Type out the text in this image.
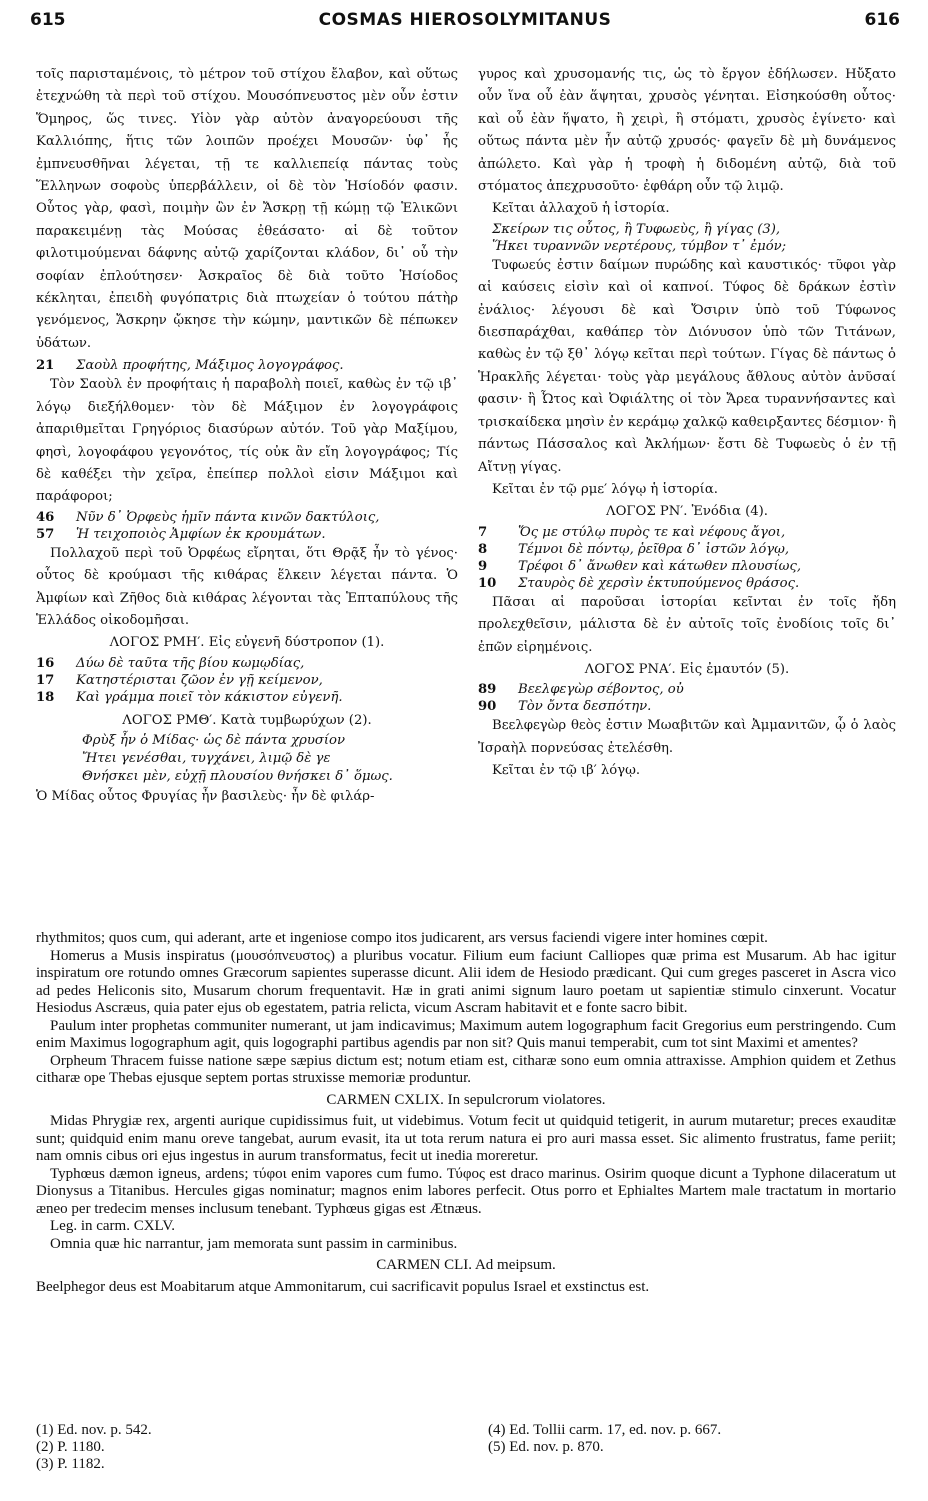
615	COSMAS HIEROSOLYMITANUS	616

τοῖς παρισταμένοις, τὸ μέτρον τοῦ στίχου ἔλαβον, καὶ οὕτως ἐτεχνώθη τὰ περὶ τοῦ στίχου. Μουσόπνευστος μὲν οὖν ἐστιν Ὅμηρος, ὥς τινες. Υἱὸν γὰρ αὐτὸν ἀναγορεύουσι τῆς Καλλιόπης, ἥτις τῶν λοιπῶν προέχει Μουσῶν· ὑφ᾽ ἧς ἐμπνευσθῆναι λέγεται, τῇ τε καλλιεπείᾳ πάντας τοὺς Ἕλληνων σοφοὺς ὑπερβάλλειν, οἱ δὲ τὸν Ἡσίοδόν φασιν. Οὗτος γὰρ, φασὶ, ποιμὴν ὢν ἐν Ἄσκρῃ τῇ κώμῃ τῷ Ἑλικῶνι παρακειμένῃ τὰς Μούσας ἐθεάσατο· αἱ δὲ τοῦτον φιλοτιμούμεναι δάφνης αὐτῷ χαρίζονται κλάδον, δι᾽ οὗ τὴν σοφίαν ἐπλούτησεν· Ἀσκραῖος δὲ διὰ τοῦτο Ἡσίοδος κέκληται, ἐπειδὴ φυγόπατρις διὰ πτωχείαν ὁ τούτου πάτὴρ γενόμενος, Ἄσκρην ᾤκησε τὴν κώμην, μαντικῶν δὲ πέπωκεν ὑδάτων.

21	Σαοὺλ προφήτης, Μάξιμος λογογράφος.

Τὸν Σαοὺλ ἐν προφήταις ἡ παραβολὴ ποιεῖ, καθὼς ἐν τῷ ιβ᾽ λόγῳ διεξήλθομεν· τὸν δὲ Μάξιμον ἐν λογογράφοις ἀπαριθμεῖται Γρηγόριος διασύρων αὐτόν. Τοῦ γὰρ Μαξίμου, φησὶ, λογοφάφου γεγονότος, τίς οὐκ ἂν εἴη λογογράφος; Τίς δὲ καθέξει τὴν χεῖρα, ἐπείπερ πολλοὶ εἰσιν Μάξιμοι καὶ παράφοροι;

46	Νῦν δ᾽ Ὀρφεὺς ἡμῖν πάντα κινῶν δακτύλοις,
57	Ἡ τειχοποιὸς Ἀμφίων ἐκ κρουμάτων.

Πολλαχοῦ περὶ τοῦ Ὀρφέως εἴρηται, ὅτι Θρᾷξ ἦν τὸ γένος· οὗτος δὲ κρούμασι τῆς κιθάρας ἕλκειν λέγεται πάντα. Ὁ Ἀμφίων καὶ Ζῆθος διὰ κιθάρας λέγονται τὰς Ἑπταπύλους τῆς Ἑλλάδος οἰκοδομῆσαι.

ΛΟΓΟΣ ΡΜΗ′. Εἰς εὐγενῆ δύστροπον (1).
16	Δύω δὲ ταῦτα τῆς βίου κωμῳδίας,
17	Κατηστέρισται ζῶον ἐν γῇ κείμενον,
18	Καὶ γράμμα ποιεῖ τὸν κάκιστον εὐγενῆ.
ΛΟΓΟΣ ΡΜΘ′. Κατὰ τυμβωρύχων (2).
Φρὺξ ἦν ὁ Μίδας· ὡς δὲ πάντα χρυσίον
Ἤτει γενέσθαι, τυγχάνει, λιμῷ δὲ γε
Θνήσκει μὲν, εὐχῇ πλουσίου θνήσκει δ᾽ ὅμως.

Ὁ Μίδας οὗτος Φρυγίας ἦν βασιλεὺς· ἦν δὲ φιλάρ-

γυρος καὶ χρυσομανής τις, ὡς τὸ ἔργον ἐδήλωσεν. Ηὔξατο οὖν ἵνα οὗ ἐὰν ἅψηται, χρυσὸς γένηται. Εἰσηκούσθη οὗτος· καὶ οὗ ἐὰν ἥψατο, ἢ χειρὶ, ἢ στόματι, χρυσὸς ἐγίνετο· καὶ οὕτως πάντα μὲν ἦν αὐτῷ χρυσός· φαγεῖν δὲ μὴ δυνάμενος ἀπώλετο. Καὶ γὰρ ἡ τροφὴ ἡ διδομένη αὐτῷ, διὰ τοῦ στόματος ἀπεχρυσοῦτο· ἐφθάρη οὖν τῷ λιμῷ.

Κεῖται ἀλλαχοῦ ἡ ἱστορία.

Σκείρων τις οὗτος, ἢ Τυφωεὺς, ἢ γίγας (3),
Ἥκει τυραννῶν νερτέρους, τύμβον τ᾽ ἐμόν;

Τυφωεύς ἐστιν δαίμων πυρώδης καὶ καυστικός· τῦφοι γὰρ αἱ καύσεις εἰσὶν καὶ οἱ καπνοί. Τύφος δὲ δράκων ἐστὶν ἐνάλιος· λέγουσι δὲ καὶ Ὄσιριν ὑπὸ τοῦ Τύφωνος διεσπαράχθαι, καθάπερ τὸν Διόνυσον ὑπὸ τῶν Τιτάνων, καθὼς ἐν τῷ ξθ᾽ λόγῳ κεῖται περὶ τούτων. Γίγας δὲ πάντως ὁ Ἡρακλῆς λέγεται· τοὺς γὰρ μεγάλους ἄθλους αὐτὸν ἀνῦσαί φασιν· ἢ Ὦτος καὶ Ὀφιάλτης οἱ τὸν Ἄρεα τυραννήσαντες καὶ τρισκαίδεκα μησὶν ἐν κεράμῳ χαλκῷ καθειρξαντες δέσμιον· ἢ πάντως Πάσσαλος καὶ Ἀκλήμων· ἔστι δὲ Τυφωεὺς ὁ ἐν τῇ Αἴτνῃ γίγας.

Κεῖται ἐν τῷ ρμε′ λόγῳ ἡ ἱστορία.

ΛΟΓΟΣ ΡΝ′. Ἐνόδια (4).
7	Ὅς με στύλῳ πυρὸς τε καὶ νέφους ἄγοι,
8	Τέμνοι δὲ πόντῳ, ῥεῖθρα δ᾽ ἱστῶν λόγῳ,
9	Τρέφοι δ᾽ ἄνωθεν καὶ κάτωθεν πλουσίως,
10	Σταυρὸς δὲ χερσὶν ἐκτυπούμενος θράσος.

Πᾶσαι αἱ παροῦσαι ἱστορίαι κεῖνται ἐν τοῖς ἤδη προλεχθεῖσιν, μάλιστα δὲ ἐν αὐτοῖς τοῖς ἐνοδίοις τοῖς δι᾽ ἐπῶν εἰρημένοις.

ΛΟΓΟΣ ΡΝΑ′. Εἰς ἐμαυτόν (5).
89	Βεελφεγὼρ σέβοντος, οὐ
90	Τὸν ὄντα δεσπότην.

Βεελφεγὼρ θεὸς ἐστιν Μωαβιτῶν καὶ Ἀμμανιτῶν, ᾧ ὁ λαὸς Ἰσραὴλ πορνεύσας ἐτελέσθη.

Κεῖται ἐν τῷ ιβ′ λόγῳ.

rhythmitos; quos cum, qui aderant, arte et ingeniose compo itos judicarent, ars versus faciendi vigere inter homines cœpit.

Homerus a Musis inspiratus (μουσόπνευστος) a pluribus vocatur. Filium eum faciunt Calliopes quæ prima est Musarum. Ab hac igitur inspiratum ore rotundo omnes Græcorum sapientes superasse dicunt. Alii idem de Hesiodo prædicant. Qui cum greges pasceret in Ascra vico ad pedes Heliconis sito, Musarum chorum frequentavit. Hæ in grati animi signum lauro poetam ut sapientiæ stimulo cinxerunt. Vocatur Hesiodus Ascræus, quia pater ejus ob egestatem, patria relicta, vicum Ascram habitavit et e fonte sacro bibit.

Paulum inter prophetas communiter numerant, ut jam indicavimus; Maximum autem logographum facit Gregorius eum perstringendo. Cum enim Maximus logographum agit, quis logographi partibus agendis par non sit? Quis manui temperabit, cum tot sint Maximi et amentes?

Orpheum Thracem fuisse natione sæpe sæpius dictum est; notum etiam est, citharæ sono eum omnia attraxisse. Amphion quidem et Zethus citharæ ope Thebas ejusque septem portas struxisse memoriæ produntur.

CARMEN CXLIX. In sepulcrorum violatores.

Midas Phrygiæ rex, argenti aurique cupidissimus fuit, ut videbimus. Votum fecit ut quidquid tetigerit, in aurum mutaretur; preces exauditæ sunt; quidquid enim manu oreve tangebat, aurum evasit, ita ut tota rerum natura ei pro auri massa esset. Sic alimento frustratus, fame periit; nam omnis cibus ori ejus ingestus in aurum transformatus, fecit ut inedia moreretur.

Typhœus dæmon igneus, ardens; τύφοι enim vapores cum fumo. Τύφος est draco marinus. Osirim quoque dicunt a Typhone dilaceratum ut Dionysus a Titanibus. Hercules gigas nominatur; magnos enim labores perfecit. Otus porro et Ephialtes Martem male tractatum in mortario æneo per tredecim menses inclusum tenebant. Typhœus gigas est Ætnæus.

Leg. in carm. CXLV.

Omnia quæ hic narrantur, jam memorata sunt passim in carminibus.

CARMEN CLI. Ad meipsum.

Beelphegor deus est Moabitarum atque Ammonitarum, cui sacrificavit populus Israel et exstinctus est.

(1) Ed. nov. p. 542.
(2) P. 1180.
(3) P. 1182.
(4) Ed. Tollii carm. 17, ed. nov. p. 667.
(5) Ed. nov. p. 870.
